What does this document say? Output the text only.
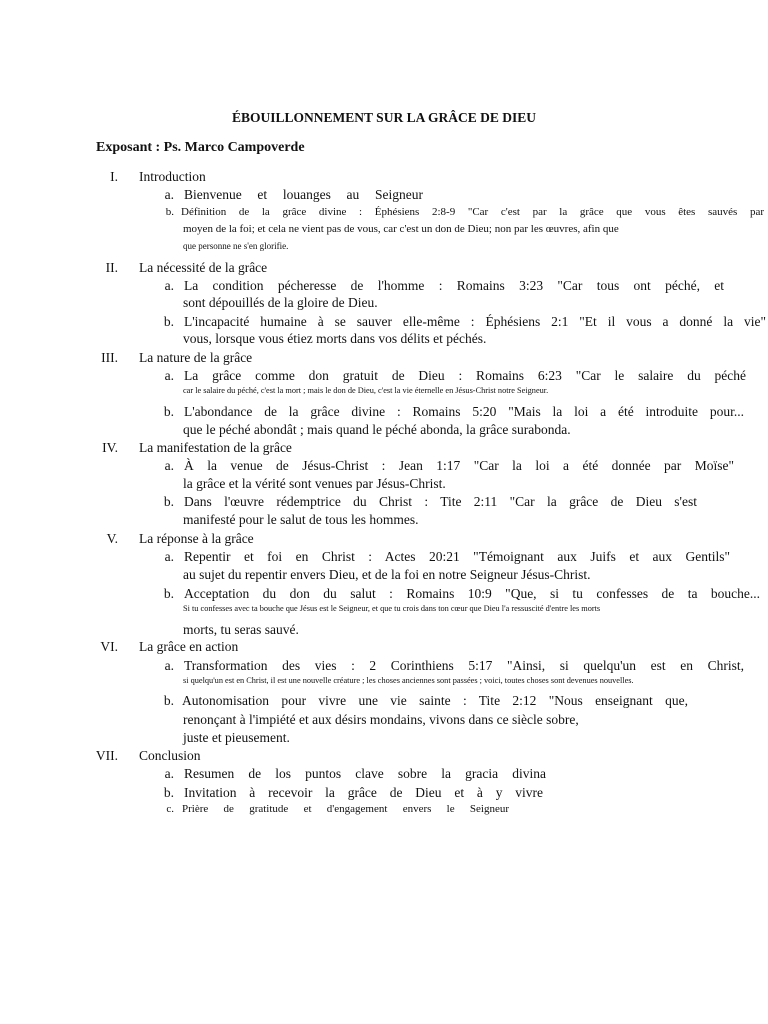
ÉBOUILLONNEMENT SUR LA GRÂCE DE DIEU
Exposant : Ps. Marco Campoverde
I. Introduction
a. Bienvenue et louanges au Seigneur
b. Définition de la grâce divine : Éphésiens 2:8-9 "Car c'est par la grâce que vous êtes sauvés par
moyen de la foi; et cela ne vient pas de vous, car c'est un don de Dieu; non par les œuvres, afin que
que personne ne s'en glorifie.
II. La nécessité de la grâce
a. La condition pécheresse de l'homme : Romains 3:23 "Car tous ont péché, et
sont dépouillés de la gloire de Dieu.
b. L'incapacité humaine à se sauver elle-même : Éphésiens 2:1 "Et il vous a donné la vie"
vous, lorsque vous étiez morts dans vos délits et péchés.
III. La nature de la grâce
a. La grâce comme don gratuit de Dieu : Romains 6:23 "Car le salaire du péché
car le salaire du péché, c'est la mort ; mais le don de Dieu, c'est la vie éternelle en Jésus-Christ notre Seigneur.
b. L'abondance de la grâce divine : Romains 5:20 "Mais la loi a été introduite pour...
que le péché abondât ; mais quand le péché abonda, la grâce surabonda.
IV. La manifestation de la grâce
a. À la venue de Jésus-Christ : Jean 1:17 "Car la loi a été donnée par Moïse"
la grâce et la vérité sont venues par Jésus-Christ.
b. Dans l'œuvre rédemptrice du Christ : Tite 2:11 "Car la grâce de Dieu s'est
manifesté pour le salut de tous les hommes.
V. La réponse à la grâce
a. Repentir et foi en Christ : Actes 20:21 "Témoignant aux Juifs et aux Gentils"
au sujet du repentir envers Dieu, et de la foi en notre Seigneur Jésus-Christ.
b. Acceptation du don du salut : Romains 10:9 "Que, si tu confesses de ta bouche...
Si tu confesses avec ta bouche que Jésus est le Seigneur, et que tu crois dans ton cœur que Dieu l'a ressuscité d'entre les morts
morts, tu seras sauvé.
VI. La grâce en action
a. Transformation des vies : 2 Corinthiens 5:17 "Ainsi, si quelqu'un est en Christ,
si quelqu'un est en Christ, il est une nouvelle créature ; les choses anciennes sont passées ; voici, toutes choses sont devenues nouvelles.
b. Autonomisation pour vivre une vie sainte : Tite 2:12 "Nous enseignant que,
renonçant à l'impiété et aux désirs mondains, vivons dans ce siècle sobre,
juste et pieusement.
VII. Conclusion
a. Resumen de los puntos clave sobre la gracia divina
b. Invitation à recevoir la grâce de Dieu et à y vivre
c. Prière de gratitude et d'engagement envers le Seigneur
